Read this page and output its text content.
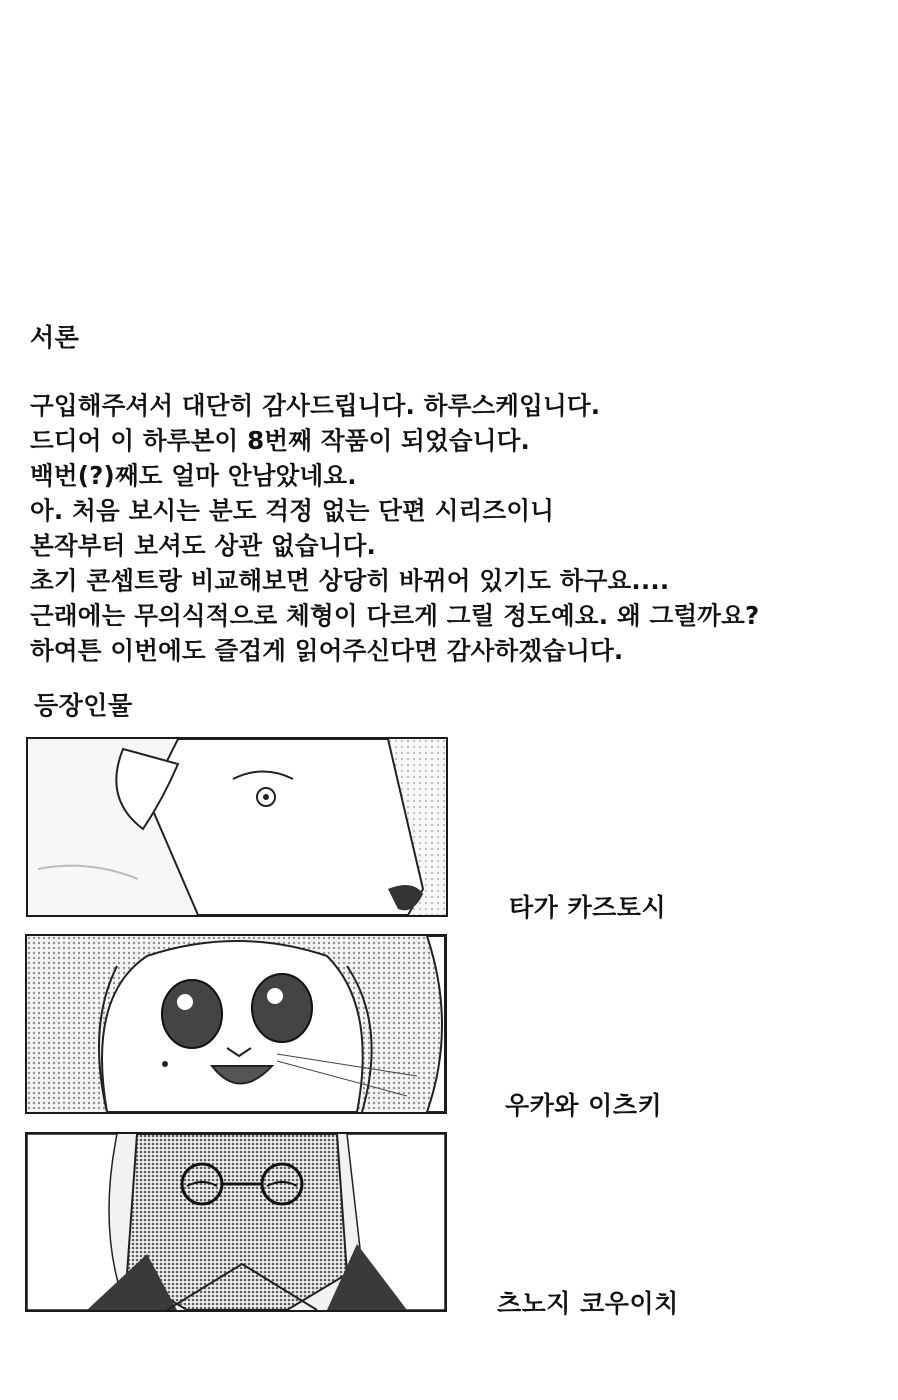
서론
구입해주셔서 대단히 감사드립니다. 하루스케입니다.
드디어 이 하루본이 8번째 작품이 되었습니다.
백번(?)째도 얼마 안남았네요.
아. 처음 보시는 분도 걱정 없는 단편 시리즈이니
본작부터 보셔도 상관 없습니다.
초기 콘셉트랑 비교해보면 상당히 바뀌어 있기도 하구요....
근래에는 무의식적으로 체형이 다르게 그릴 정도예요. 왜 그럴까요?
하여튼 이번에도 즐겁게 읽어주신다면 감사하겠습니다.
등장인물
타가 카즈토시
우카와 이츠키
츠노지 코우이치
